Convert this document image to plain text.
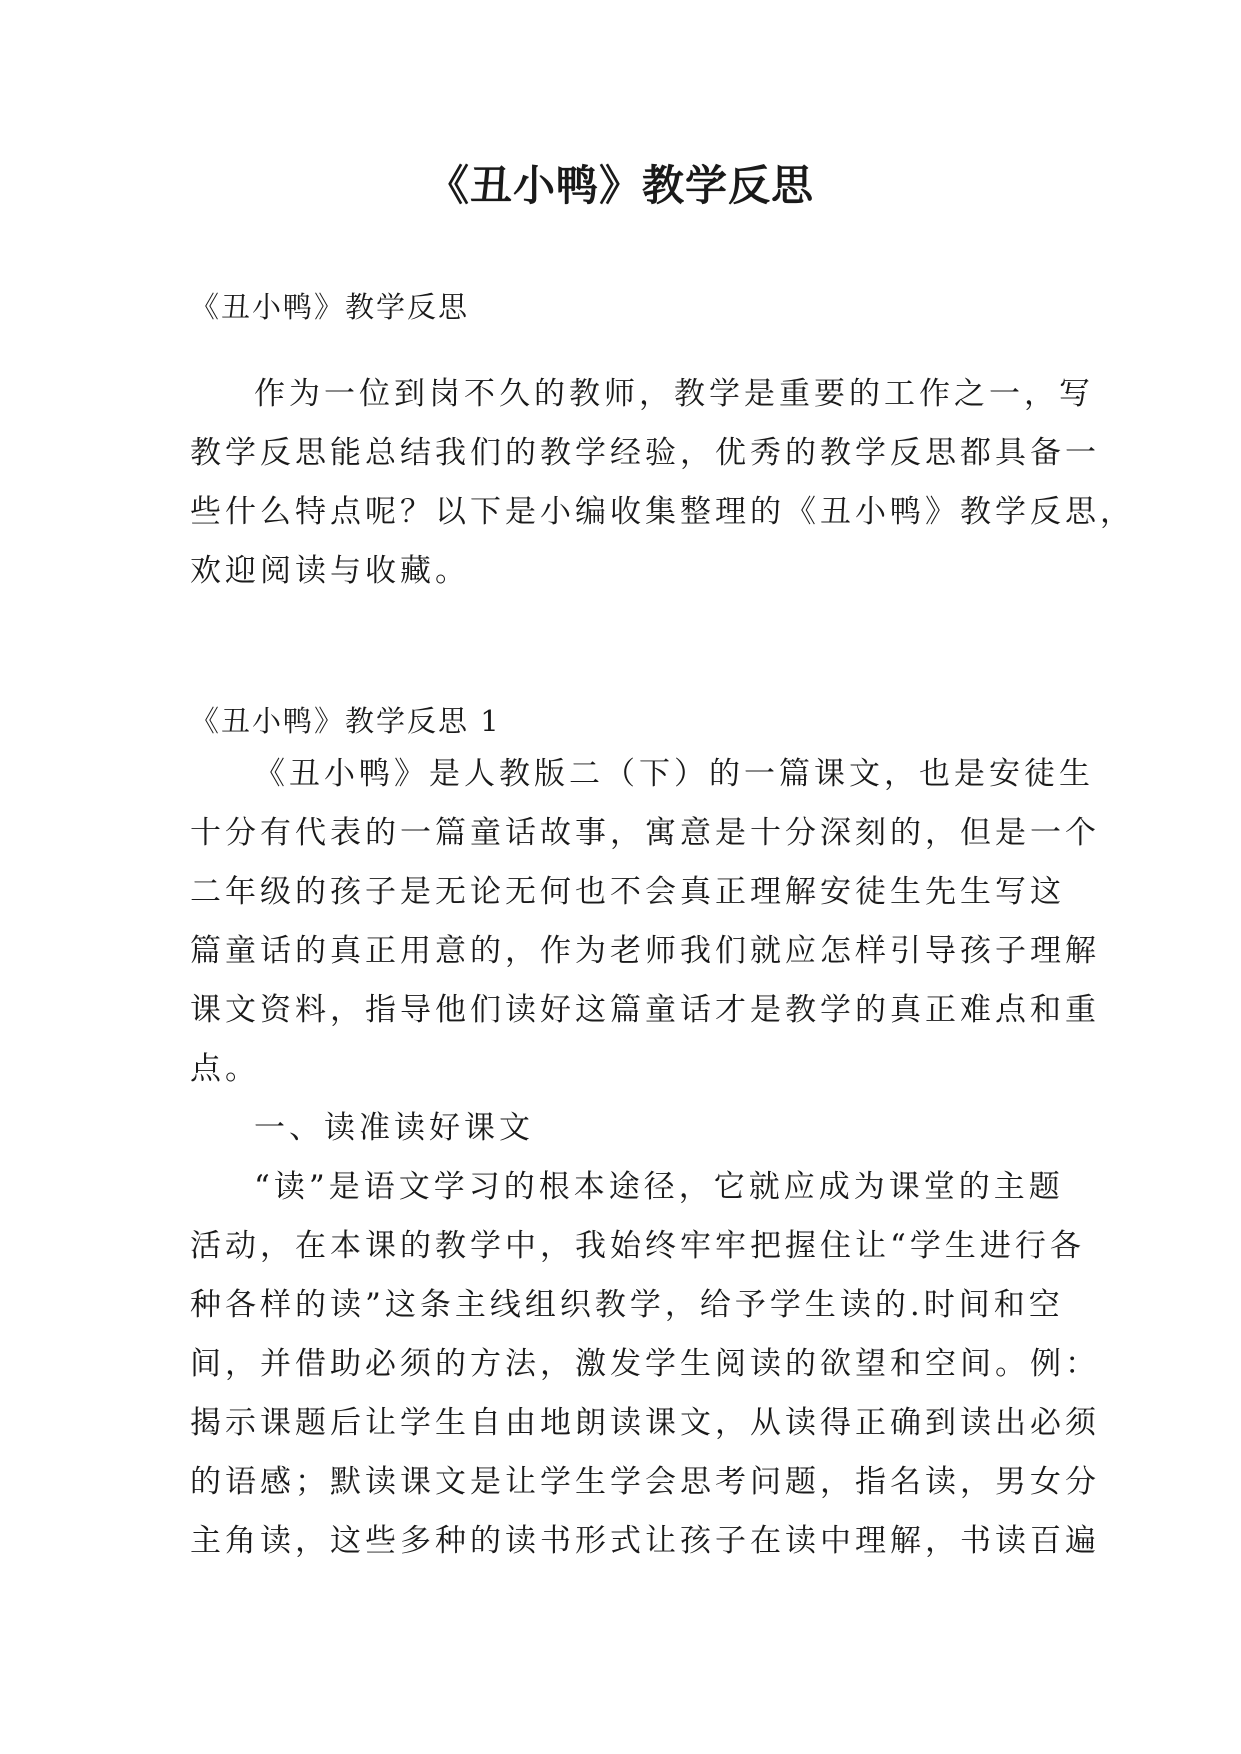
《丑小鸭》教学反思
《丑小鸭》教学反思
作为一位到岗不久的教师，教学是重要的工作之一，写
教学反思能总结我们的教学经验，优秀的教学反思都具备一
些什么特点呢？以下是小编收集整理的《丑小鸭》教学反思，
欢迎阅读与收藏。
《丑小鸭》教学反思 1
《丑小鸭》是人教版二（下）的一篇课文，也是安徒生
十分有代表的一篇童话故事，寓意是十分深刻的，但是一个
二年级的孩子是无论无何也不会真正理解安徒生先生写这
篇童话的真正用意的，作为老师我们就应怎样引导孩子理解
课文资料，指导他们读好这篇童话才是教学的真正难点和重
点。
一、读准读好课文
“读”是语文学习的根本途径，它就应成为课堂的主题
活动，在本课的教学中，我始终牢牢把握住让“学生进行各
种各样的读”这条主线组织教学，给予学生读的.时间和空
间，并借助必须的方法，激发学生阅读的欲望和空间。例：
揭示课题后让学生自由地朗读课文，从读得正确到读出必须
的语感；默读课文是让学生学会思考问题，指名读，男女分
主角读，这些多种的读书形式让孩子在读中理解，书读百遍
